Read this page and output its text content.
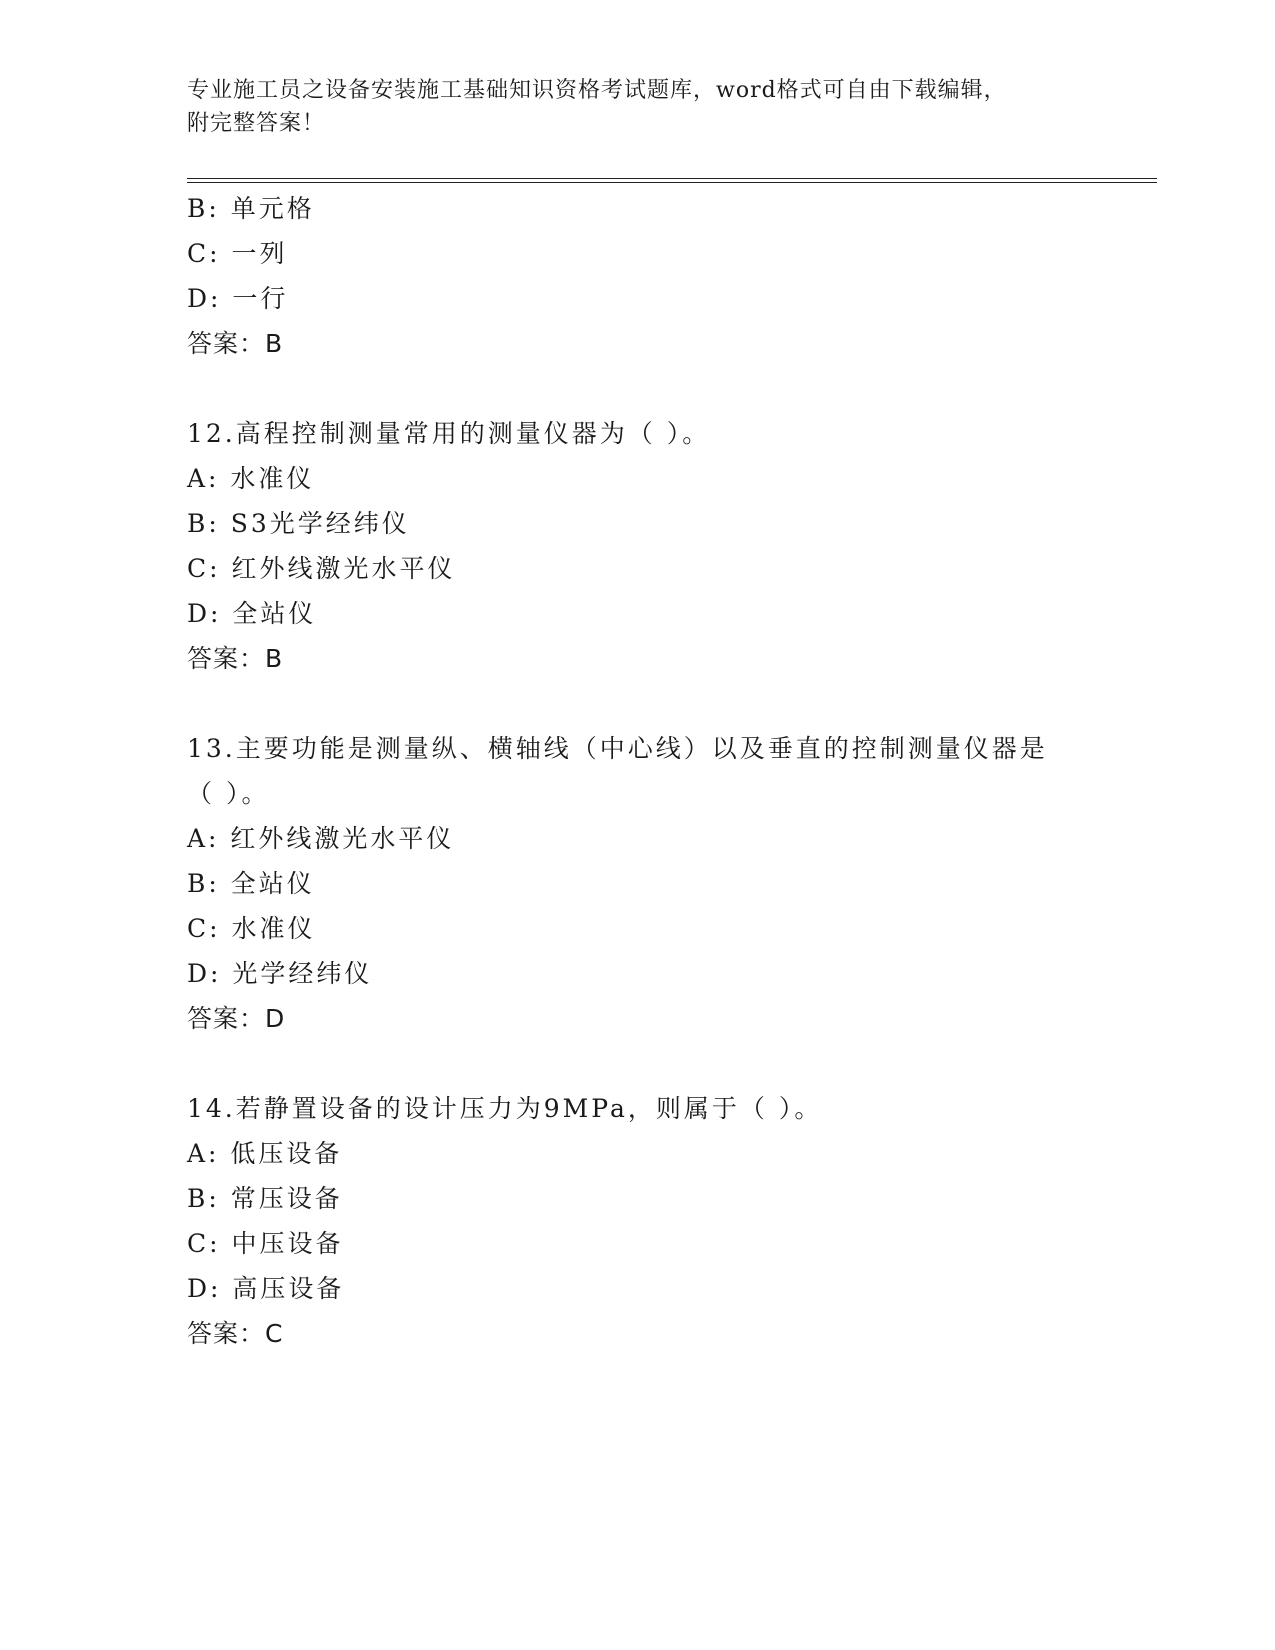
专业施工员之设备安装施工基础知识资格考试题库，word格式可自由下载编辑，
附完整答案！
B: 单元格
C: 一列
D: 一行
答案：B
12.高程控制测量常用的测量仪器为（ ）。
A: 水准仪
B: S3光学经纬仪
C: 红外线激光水平仪
D: 全站仪
答案：B
13.主要功能是测量纵、横轴线（中心线）以及垂直的控制测量仪器是
（ ）。
A: 红外线激光水平仪
B: 全站仪
C: 水准仪
D: 光学经纬仪
答案：D
14.若静置设备的设计压力为9MPa，则属于（ ）。
A: 低压设备
B: 常压设备
C: 中压设备
D: 高压设备
答案：C
